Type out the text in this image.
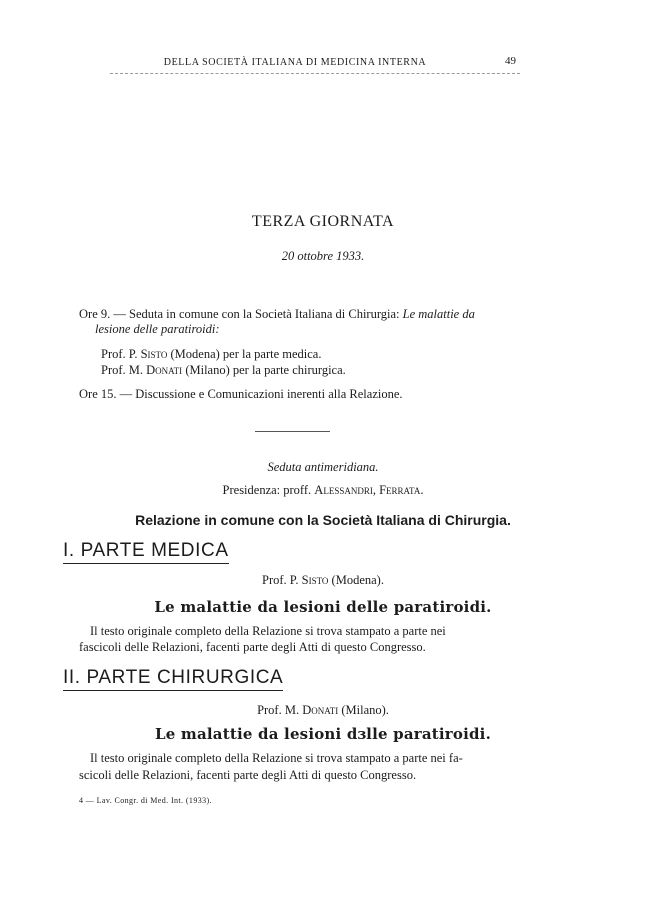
DELLA SOCIETÀ ITALIANA DI MEDICINA INTERNA	49
TERZA GIORNATA
20 ottobre 1933.
Ore 9. — Seduta in comune con la Società Italiana di Chirurgia: Le malattie da
lesione delle paratiroidi:
Prof. P. Sisto (Modena) per la parte medica.
Prof. M. Donati (Milano) per la parte chirurgica.
Ore 15. — Discussione e Comunicazioni inerenti alla Relazione.
Seduta antimeridiana.
Presidenza: proff. Alessandri, Ferrata.
Relazione in comune con la Società Italiana di Chirurgia.
I. PARTE MEDICA
Prof. P. Sisto (Modena).
Le malattie da lesioni delle paratiroidi.
Il testo originale completo della Relazione si trova stampato a parte nei
fascicoli delle Relazioni, facenti parte degli Atti di questo Congresso.
II. PARTE CHIRURGICA
Prof. M. Donati (Milano).
Le malattie da lesioni dɜlle paratiroidi.
Il testo originale completo della Relazione si trova stampato a parte nei fa-
scicoli delle Relazioni, facenti parte degli Atti di questo Congresso.
4 — Lav. Congr. di Med. Int. (1933).
